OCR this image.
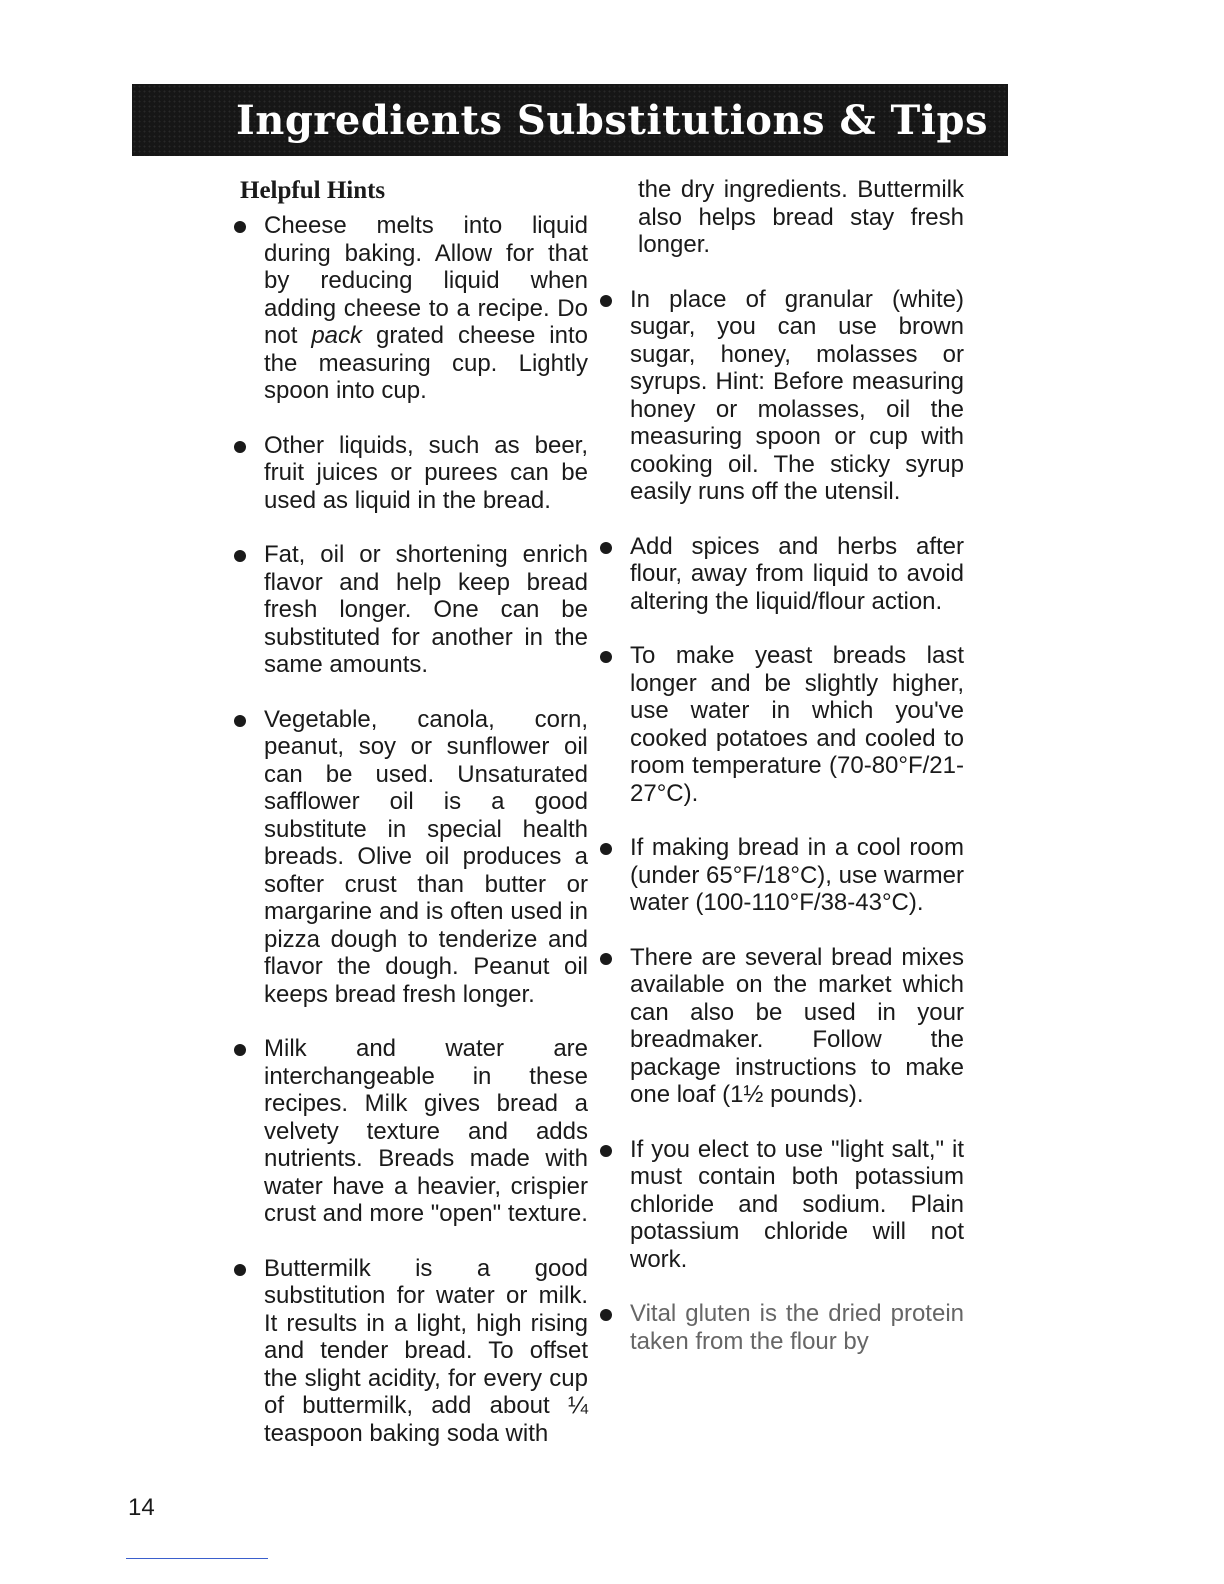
Ingredients Substitutions & Tips
Helpful Hints

Cheese melts into liquid during baking. Allow for that by reducing liquid when adding cheese to a recipe. Do not pack grated cheese into the measuring cup. Lightly spoon into cup.

Other liquids, such as beer, fruit juices or purees can be used as liquid in the bread.

Fat, oil or shortening enrich flavor and help keep bread fresh longer. One can be substituted for another in the same amounts.

Vegetable, canola, corn, peanut, soy or sunflower oil can be used. Unsaturated safflower oil is a good substitute in special health breads. Olive oil produces a softer crust than butter or margarine and is often used in pizza dough to tenderize and flavor the dough. Peanut oil keeps bread fresh longer.

Milk and water are interchangeable in these recipes. Milk gives bread a velvety texture and adds nutrients. Breads made with water have a heavier, crispier crust and more "open" texture.

Buttermilk is a good substitution for water or milk. It results in a light, high rising and tender bread. To offset the slight acidity, for every cup of buttermilk, add about ¼ teaspoon baking soda with

the dry ingredients. Buttermilk also helps bread stay fresh longer.

In place of granular (white) sugar, you can use brown sugar, honey, molasses or syrups. Hint: Before measuring honey or molasses, oil the measuring spoon or cup with cooking oil. The sticky syrup easily runs off the utensil.

Add spices and herbs after flour, away from liquid to avoid altering the liquid/flour action.

To make yeast breads last longer and be slightly higher, use water in which you've cooked potatoes and cooled to room temperature (70-80°F/21-27°C).

If making bread in a cool room (under 65°F/18°C), use warmer water (100-110°F/38-43°C).

There are several bread mixes available on the market which can also be used in your breadmaker. Follow the package instructions to make one loaf (1½ pounds).

If you elect to use "light salt," it must contain both potassium chloride and sodium. Plain potassium chloride will not work.

Vital gluten is the dried protein taken from the flour by

14
